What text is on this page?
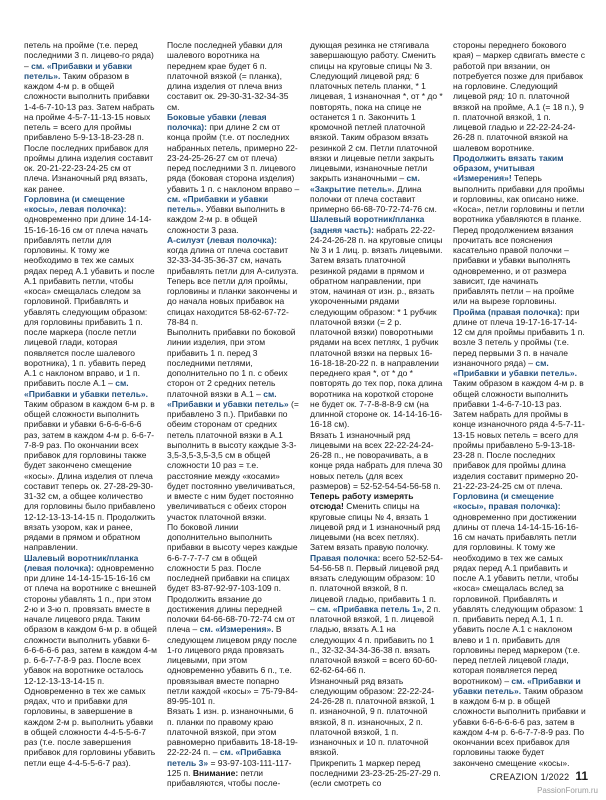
петель на пройме (т.е. перед последними 3 п. лицево-го ряда) – см. «Прибавки и убавки петель». Таким образом в каждом 4-м р. в общей сложности выполнить прибавки 1-4-6-7-10-13 раз. Затем набрать на пройме 4-5-7-11-13-15 новых петель = всего для проймы прибавлено 5-9-13-18-23-28 п. После последних прибавок для проймы длина изделия составит ок. 20-21-22-23-24-25 см от плеча. Изнаночный ряд вязать, как ранее.

Горловина (и смещение «косы», левая полочка): одновременно при длине 14-14-15-16-16-16 см от плеча начать прибавлять петли для горловины. К тому же необходимо в тех же самых рядах перед А.1 убавить и после А.1 прибавить петли, чтобы «коса» смещалась следом за горловиной. Прибавлять и убавлять следующим образом: для горловины прибавить 1 п. после маркера (после петли лицевой глади, которая появляется после шалевого воротника), 1 п. убавить перед А.1 с наклоном вправо, и 1 п. прибавить после А.1 – см. «Прибавки и убавки петель». Таким образом в каждом 6-м р. в общей сложности выполнить прибавки и убавки 6-6-6-6-6-6 раз, затем в каждом 4-м р. 6-6-7-7-8-9 раз. По окончании всех прибавок для горловины также будет закончено смещение «косы». Длина изделия от плеча составит теперь ок. 27-28-29-30-31-32 см, а общее количество для горловины было прибавлено 12-12-13-13-14-15 п. Продолжить вязать узором, как и ранее, рядами в прямом и обратном направлении.

Шалевый воротник/планка (левая полочка): одновременно при длине 14-14-15-15-16-16 см от плеча на воротнике с внешней стороны убавлять 1 п., при этом 2-ю и 3-ю п. провязать вместе в начале лицевого ряда. Таким образом в каждом 6-м р. в общей сложности выполнить убавки 6-6-6-6-6-6 раз, затем в каждом 4-м р. 6-6-7-7-8-9 раз. После всех убавок на воротнике осталось 12-12-13-13-14-15 п. Одновременно в тех же самых рядах, что и прибавки для горловины, в завершение в каждом 2-м р. выполнить убавки в общей сложности 4-4-5-5-6-7 раз (т.е. после завершения прибавок для горловины убавить петли еще 4-4-5-5-6-7 раз).

После последней убавки для шалевого воротника на переднем крае будет 6 п. платочной вязкой (= планка), длина изделия от плеча вниз составит ок. 29-30-31-32-34-35 см.

Боковые убавки (левая полочка): при длине 2 см от конца пройм (т.е. от последних набранных петель, примерно 22-23-24-25-26-27 см от плеча) перед последними 3 п. лицевого ряда (боковая сторона изделия) убавить 1 п. с наклоном вправо – см. «Прибавки и убавки петель». Убавки выполнить в каждом 2-м р. в общей сложности 3 раза.

А-силуэт (левая полочка): когда длина от плеча составит 32-33-34-35-36-37 см, начать прибавлять петли для А-силуэта. Теперь все петли для проймы, горловины и планки закончены и до начала новых прибавок на спицах находится 58-62-67-72-78-84 п.

Выполнить прибавки по боковой линии изделия, при этом прибавить 1 п. перед 3 последними петлями, дополнительно по 1 п. с обеих сторон от 2 средних петель платочной вязки в А.1 – см. «Прибавки и убавки петель» (= прибавлено 3 п.). Прибавки по обеим сторонам от средних петель платочной вязки в А.1 выполнить в высоту каждые 3-3-3,5-3,5-3,5-3,5 см в общей сложности 10 раз = т.е. расстояние между «косами» будет постоянно увеличиваться, и вместе с ним будет постоянно увеличиваться с обеих сторон участок платочной вязки.

По боковой линии дополнительно выполнить прибавки в высоту через каждые 6-6-7-7-7-7 см в общей сложности 5 раз. После последней прибавки на спицах будет 83-87-92-97-103-109 п.

Продолжить вязание до достижения длины передней полочки 64-66-68-70-72-74 см от плеча – см. «Измерения». В следующем лицевом ряду после 1-го лицевого ряда провязать лицевыми, при этом одновременно убавить 6 п., т.е. провязывая вместе попарно петли каждой «косы» = 75-79-84-89-95-101 п.

Вязать 1 изн. р. изнаночными, 6 п. планки по правому краю платочной вязкой, при этом равномерно прибавить 18-18-19-22-22-24 п. – см. «Прибавка петель 3» = 93-97-103-111-117-125 п. Внимание: петли прибавляются, чтобы после-

дующая резинка не стягивала завершающую работу. Сменить спицы на круговые спицы № 3. Следующий лицевой ряд: 6 платочных петель планки, * 1 лицевая, 1 изнаночная *, от * до * повторять, пока на спице не останется 1 п. Закончить 1 кромочной петлей платочной вязкой. Таким образом вязать резинкой 2 см. Петли платочной вязки и лицевые петли закрыть лицевыми, изнаночные петли закрыть изнаночными – см. «Закрытие петель». Длина полочки от плеча составит примерно 66-68-70-72-74-76 см.

Шалевый воротник/планка (задняя часть): набрать 22-22-24-24-26-28 п. на круговые спицы № 3 и 1 лиц. р. вязать лицевыми. Затем вязать платочной резинкой рядами в прямом и обратном направлении, при этом, начиная от изн. р., вязать укороченными рядами следующим образом: * 1 рубчик платочной вязки (= 2 р. платочной вязки) поворотными рядами на всех петлях, 1 рубчик платочной вязки на первых 16-16-18-18-20-22 п. в направлении переднего края *, от * до * повторять до тех пор, пока длина воротника на короткой стороне не будет ок. 7-7-8-8-8-9 см (на длинной стороне ок. 14-14-16-16-16-18 см).

Вязать 1 изнаночный ряд лицевыми на всех 22-22-24-24-26-28 п., не поворачивать, а в конце ряда набрать для плеча 30 новых петель (для всех размеров) = 52-52-54-54-56-58 п. Теперь работу измерять отсюда! Сменить спицы на круговые спицы № 4, вязать 1 лицевой ряд и 1 изнаночный ряд лицевыми (на всех петлях). Затем вязать правую полочку.

Правая полочка: всего 52-52-54-54-56-58 п. Первый лицевой ряд вязать следующим образом: 10 п. платочной вязкой, 8 п. лицевой гладью, прибавить 1 п. – см. «Прибавка петель 1», 2 п. платочной вязкой, 1 п. лицевой гладью, вязать А.1 на следующих 4 п. прибавить по 1 п., 32-32-34-34-36-38 п. вязать платочной вязкой = всего 60-60-62-62-64-66 п.

Изнаночный ряд вязать следующим образом: 22-22-24-24-26-28 п. платочной вязкой, 1 п. изнаночной, 9 п. платочной вязкой, 8 п. изнаночных, 2 п. платочной вязкой, 1 п. изнаночных и 10 п. платочной вязкой.

Прикрепить 1 маркер перед последними 23-23-25-25-27-29 п. (если смотреть со

стороны переднего бокового края) – маркер сдвигать вместе с работой при вязании, он потребуется позже для прибавок на горловине. Следующий лицевой ряд: 10 п. платочной вязкой на пройме, А.1 (= 18 п.), 9 п. платочной вязкой, 1 п. лицевой гладью и 22-22-24-24-26-28 п. платочной вязкой на шалевом воротнике. Продолжить вязать таким образом, учитывая «Измерения»! Теперь выполнить прибавки для проймы и горловины, как описано ниже. «Коса», петли горловины и петли воротника убавляются в планке. Перед продолжением вязания прочитать все пояснения касательно правой полочки – прибавки и убавки выполнять одновременно, и от размера зависит, где начинать прибавлять петли – на пройме или на вырезе горловины.

Пройма (правая полочка): при длине от плеча 19-17-16-17-14-12 см для проймы прибавить 1 п. возле 3 петель у проймы (т.е. перед первыми 3 п. в начале изнаночного ряда) – см. «Прибавки и убавки петель». Таким образом в каждом 4-м р. в общей сложности выполнить прибавки 1-4-6-7-10-13 раз. Затем набрать для проймы в конце изнаночного ряда 4-5-7-11-13-15 новых петель = всего для проймы прибавлено 5-9-13-18-23-28 п. После последних прибавок для проймы длина изделия составит примерно 20-21-22-23-24-25 см от плеча.

Горловина (и смещение «косы», правая полочка): одновременно при достижении длины от плеча 14-14-15-16-16-16 см начать прибавлять петли для горловины. К тому же необходимо в тех же самых рядах перед А.1 прибавить и после А.1 убавить петли, чтобы «коса» смещалась вслед за горловиной. Прибавлять и убавлять следующим образом: 1 п. прибавить перед А.1, 1 п. убавить после А.1 с наклоном влево и 1 п. прибавить для горловины перед маркером (т.е. перед петлей лицевой глади, которая появляется перед воротником) – см. «Прибавки и убавки петель». Таким образом в каждом 6-м р. в общей сложности выполнить прибавки и убавки 6-6-6-6-6-6 раз, затем в каждом 4-м р. 6-6-7-7-8-9 раз. По окончании всех прибавок для горловины также будет закончено смещение «косы».

CREAZION 1/2022 11
PassionForum.ru
